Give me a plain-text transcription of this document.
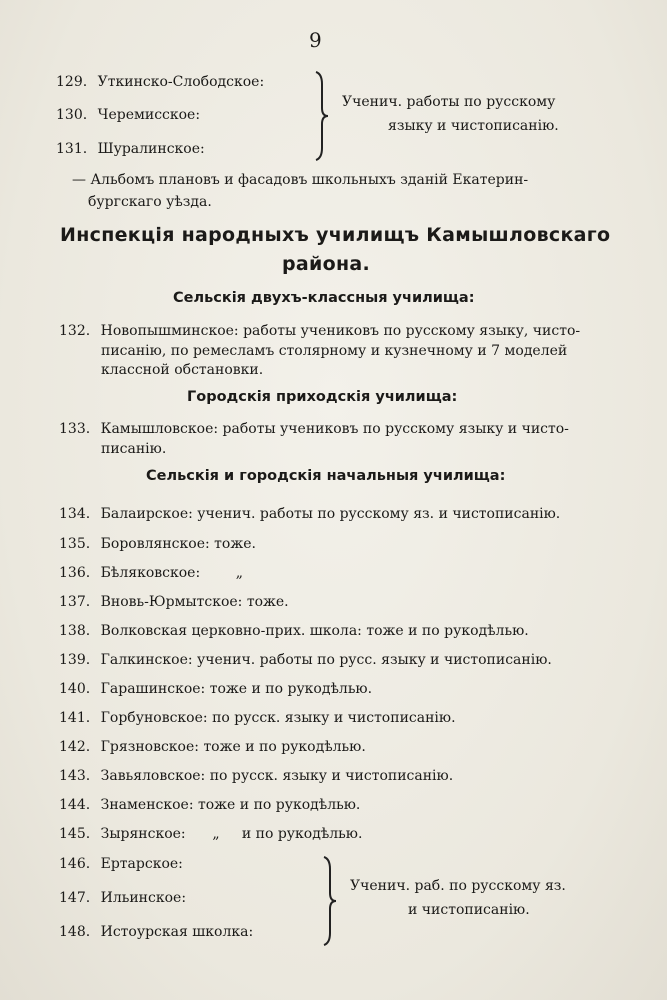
9
129. Уткинско-Слободское:
130. Черемисское:
131. Шуралинское:
Ученич. работы по русскому
языку и чистописанію.
— Альбомъ плановъ и фасадовъ школьныхъ зданій Екатерин-
бургскаго уѣзда.
Инспекція народныхъ училищъ Камышловскаго
района.
Сельскія двухъ-классныя училища:
132. Новопышминское: работы учениковъ по русскому языку, чисто-
писанію, по ремесламъ столярному и кузнечному и 7 моделей
классной обстановки.
Городскія приходскія училища:
133. Камышловское: работы учениковъ по русскому языку и чисто-
писанію.
Сельскія и городскія начальныя училища:
134. Балаирское: ученич. работы по русскому яз. и чистописанію.
135. Боровлянское: тоже.
136. Бѣляковское:        „
137. Вновь-Юрмытское: тоже.
138. Волковская церковно-прих. школа: тоже и по рукодѣлью.
139. Галкинское: ученич. работы по русс. языку и чистописанію.
140. Гарашинское: тоже и по рукодѣлью.
141. Горбуновское: по русск. языку и чистописанію.
142. Грязновское: тоже и по рукодѣлью.
143. Завьяловское: по русск. языку и чистописанію.
144. Знаменское: тоже и по рукодѣлью.
145. Зырянское:      „     и по рукодѣлью.
146. Ертарское:
147. Ильинское:
148. Истоурская школка:
Ученич. раб. по русскому яз.
и чистописанію.
